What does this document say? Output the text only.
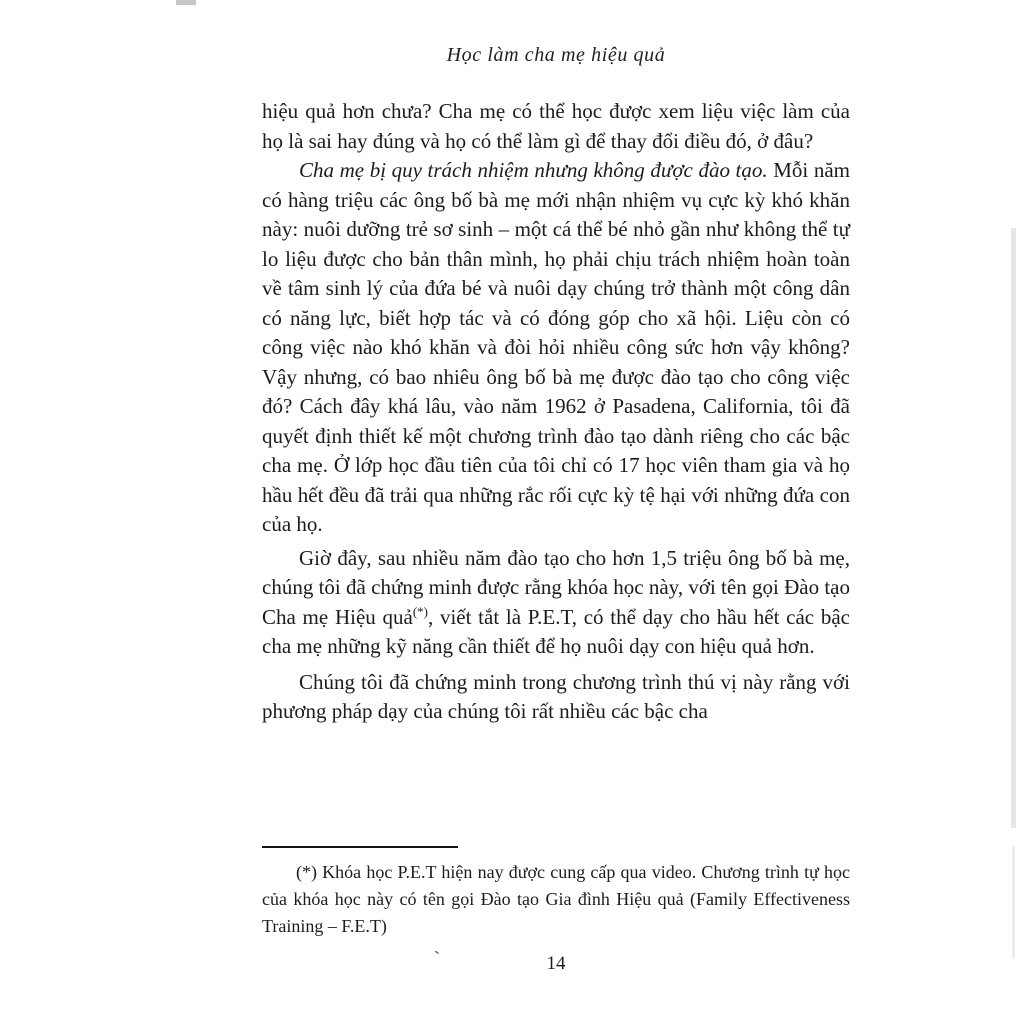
`
Học làm cha mẹ hiệu quả

hiệu quả hơn chưa? Cha mẹ có thể học được xem liệu việc làm của họ là sai hay đúng và họ có thể làm gì để thay đổi điều đó, ở đâu?

Cha mẹ bị quy trách nhiệm nhưng không được đào tạo. Mỗi năm có hàng triệu các ông bố bà mẹ mới nhận nhiệm vụ cực kỳ khó khăn này: nuôi dưỡng trẻ sơ sinh – một cá thể bé nhỏ gần như không thể tự lo liệu được cho bản thân mình, họ phải chịu trách nhiệm hoàn toàn về tâm sinh lý của đứa bé và nuôi dạy chúng trở thành một công dân có năng lực, biết hợp tác và có đóng góp cho xã hội. Liệu còn có công việc nào khó khăn và đòi hỏi nhiều công sức hơn vậy không? Vậy nhưng, có bao nhiêu ông bố bà mẹ được đào tạo cho công việc đó? Cách đây khá lâu, vào năm 1962 ở Pasadena, California, tôi đã quyết định thiết kế một chương trình đào tạo dành riêng cho các bậc cha mẹ. Ở lớp học đầu tiên của tôi chỉ có 17 học viên tham gia và họ hầu hết đều đã trải qua những rắc rối cực kỳ tệ hại với những đứa con của họ.

Giờ đây, sau nhiều năm đào tạo cho hơn 1,5 triệu ông bố bà mẹ, chúng tôi đã chứng minh được rằng khóa học này, với tên gọi Đào tạo Cha mẹ Hiệu quả(*), viết tắt là P.E.T, có thể dạy cho hầu hết các bậc cha mẹ những kỹ năng cần thiết để họ nuôi dạy con hiệu quả hơn.

Chúng tôi đã chứng minh trong chương trình thú vị này rằng với phương pháp dạy của chúng tôi rất nhiều các bậc cha

(*) Khóa học P.E.T hiện nay được cung cấp qua video. Chương trình tự học của khóa học này có tên gọi Đào tạo Gia đình Hiệu quả (Family Effectiveness Training – F.E.T)
14
